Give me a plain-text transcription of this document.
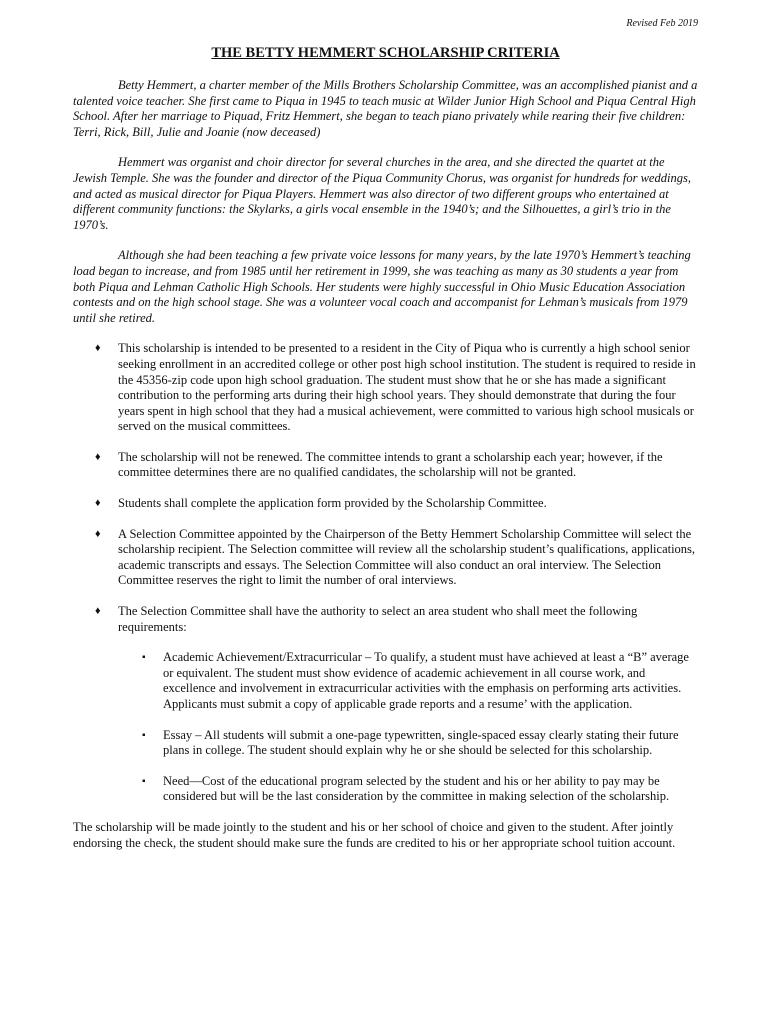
Revised Feb 2019
THE BETTY HEMMERT SCHOLARSHIP CRITERIA

Betty Hemmert, a charter member of the Mills Brothers Scholarship Committee, was an accomplished pianist and a talented voice teacher. She first came to Piqua in 1945 to teach music at Wilder Junior High School and Piqua Central High School. After her marriage to Piquad, Fritz Hemmert, she began to teach piano privately while rearing their five children: Terri, Rick, Bill, Julie and Joanie (now deceased)

Hemmert was organist and choir director for several churches in the area, and she directed the quartet at the Jewish Temple. She was the founder and director of the Piqua Community Chorus, was organist for hundreds for weddings, and acted as musical director for Piqua Players. Hemmert was also director of two different groups who entertained at different community functions: the Skylarks, a girls vocal ensemble in the 1940’s; and the Silhouettes, a girl’s trio in the 1970’s.

Although she had been teaching a few private voice lessons for many years, by the late 1970’s Hemmert’s teaching load began to increase, and from 1985 until her retirement in 1999, she was teaching as many as 30 students a year from both Piqua and Lehman Catholic High Schools. Her students were highly successful in Ohio Music Education Association contests and on the high school stage. She was a volunteer vocal coach and accompanist for Lehman’s musicals from 1979 until she retired.

♦ This scholarship is intended to be presented to a resident in the City of Piqua who is currently a high school senior seeking enrollment in an accredited college or other post high school institution. The student is required to reside in the 45356-zip code upon high school graduation. The student must show that he or she has made a significant contribution to the performing arts during their high school years. They should demonstrate that during the four years spent in high school that they had a musical achievement, were committed to various high school musicals or served on the musical committees.
♦ The scholarship will not be renewed. The committee intends to grant a scholarship each year; however, if the committee determines there are no qualified candidates, the scholarship will not be granted.
♦ Students shall complete the application form provided by the Scholarship Committee.
♦ A Selection Committee appointed by the Chairperson of the Betty Hemmert Scholarship Committee will select the scholarship recipient. The Selection committee will review all the scholarship student’s qualifications, applications, academic transcripts and essays. The Selection Committee will also conduct an oral interview. The Selection Committee reserves the right to limit the number of oral interviews.
♦ The Selection Committee shall have the authority to select an area student who shall meet the following requirements:
▪ Academic Achievement/Extracurricular – To qualify, a student must have achieved at least a “B” average or equivalent. The student must show evidence of academic achievement in all course work, and excellence and involvement in extracurricular activities with the emphasis on performing arts activities. Applicants must submit a copy of applicable grade reports and a resume’ with the application.
▪ Essay – All students will submit a one-page typewritten, single-spaced essay clearly stating their future plans in college. The student should explain why he or she should be selected for this scholarship.
▪ Need—Cost of the educational program selected by the student and his or her ability to pay may be considered but will be the last consideration by the committee in making selection of the scholarship.

The scholarship will be made jointly to the student and his or her school of choice and given to the student. After jointly endorsing the check, the student should make sure the funds are credited to his or her appropriate school tuition account.
